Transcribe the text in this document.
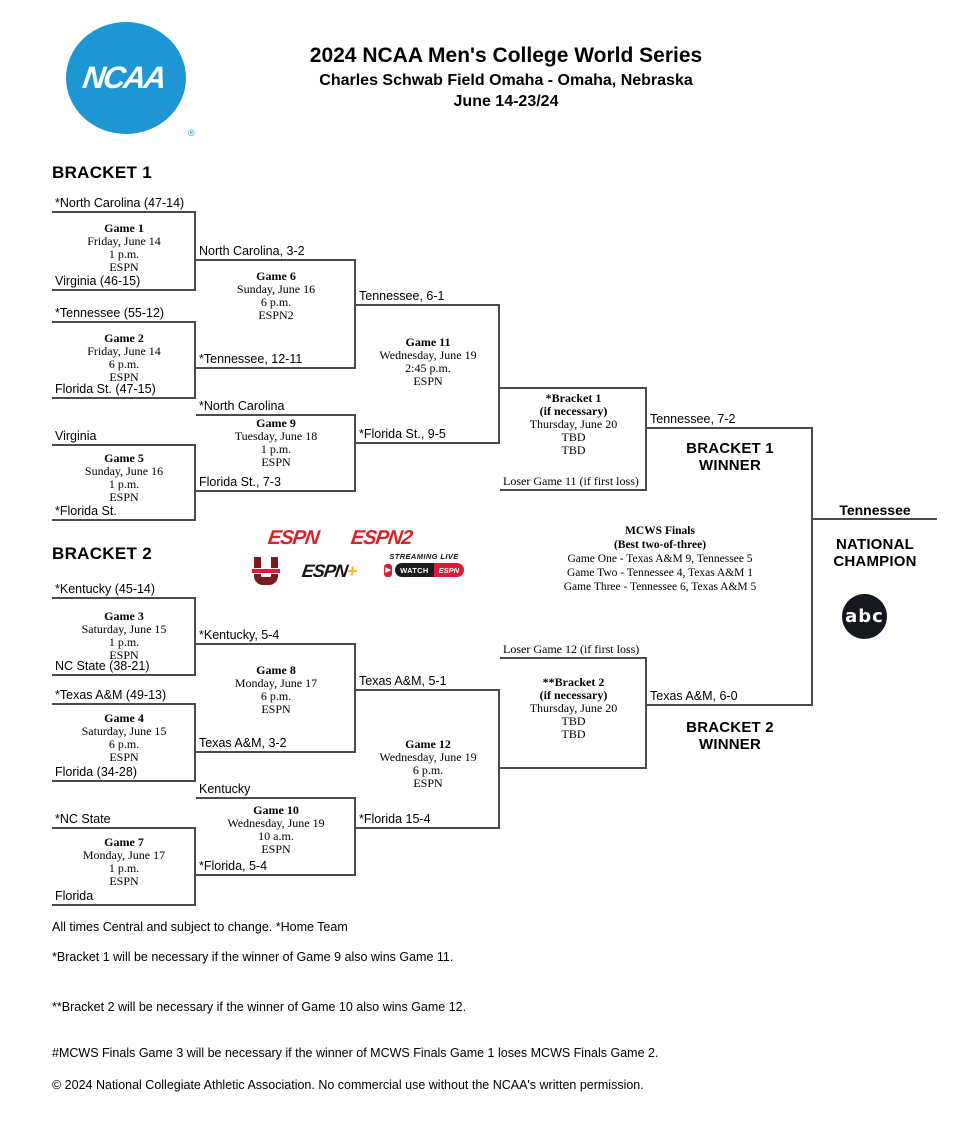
NCAA
®
2024 NCAA Men's College World Series
Charles Schwab Field Omaha - Omaha, Nebraska
June 14-23/24
BRACKET 1
BRACKET 2
*North Carolina (47-14)
Virginia (46-15)
*Tennessee (55-12)
Florida St. (47-15)
Virginia
*Florida St.
North Carolina, 3-2
*Tennessee, 12-11
*North Carolina
Florida St., 7-3
Tennessee, 6-1
*Florida St., 9-5
Loser Game 11 (if first loss)
Tennessee, 7-2
Game 1
Friday, June 14
1 p.m.
ESPN
Game 2
Friday, June 14
6 p.m.
ESPN
Game 5
Sunday, June 16
1 p.m.
ESPN
Game 6
Sunday, June 16
6 p.m.
ESPN2
Game 9
Tuesday, June 18
1 p.m.
ESPN
Game 11
Wednesday, June 19
2:45 p.m.
ESPN
*Bracket 1
(if necessary)
Thursday, June 20
TBD
TBD	BRACKET 1
WINNER
*Kentucky (45-14)
NC State (38-21)
*Texas A&M (49-13)
Florida (34-28)
*NC State
Florida
*Kentucky, 5-4
Texas A&M, 3-2
Kentucky
*Florida, 5-4
Texas A&M, 5-1
*Florida 15-4
Loser Game 12 (if first loss)
Texas A&M, 6-0
Game 3
Saturday, June 15
1 p.m.
ESPN
Game 4
Saturday, June 15
6 p.m.
ESPN
Game 7
Monday, June 17
1 p.m.
ESPN
Game 8
Monday, June 17
6 p.m.
ESPN
Game 10
Wednesday, June 19
10 a.m.
ESPN
Game 12
Wednesday, June 19
6 p.m.
ESPN
**Bracket 2
(if necessary)
Thursday, June 20
TBD
TBD	BRACKET 2
WINNER
Tennessee
NATIONAL
CHAMPION
MCWS Finals
(Best two-of-three)
Game One - Texas A&M 9, Tennessee 5
Game Two - Tennessee 4, Texas A&M 1
Game Three - Tennessee 6, Texas A&M 5
abc
ESPN ESPN2
ESPN+
STREAMING LIVE
▶	WATCH	ESPN
All times Central and subject to change. *Home Team
*Bracket 1 will be necessary if the winner of Game 9 also wins Game 11.
**Bracket 2 will be necessary if the winner of Game 10 also wins Game 12.
#MCWS Finals Game 3 will be necessary if the winner of MCWS Finals Game 1 loses MCWS Finals Game 2.
© 2024 National Collegiate Athletic Association. No commercial use without the NCAA's written permission.
